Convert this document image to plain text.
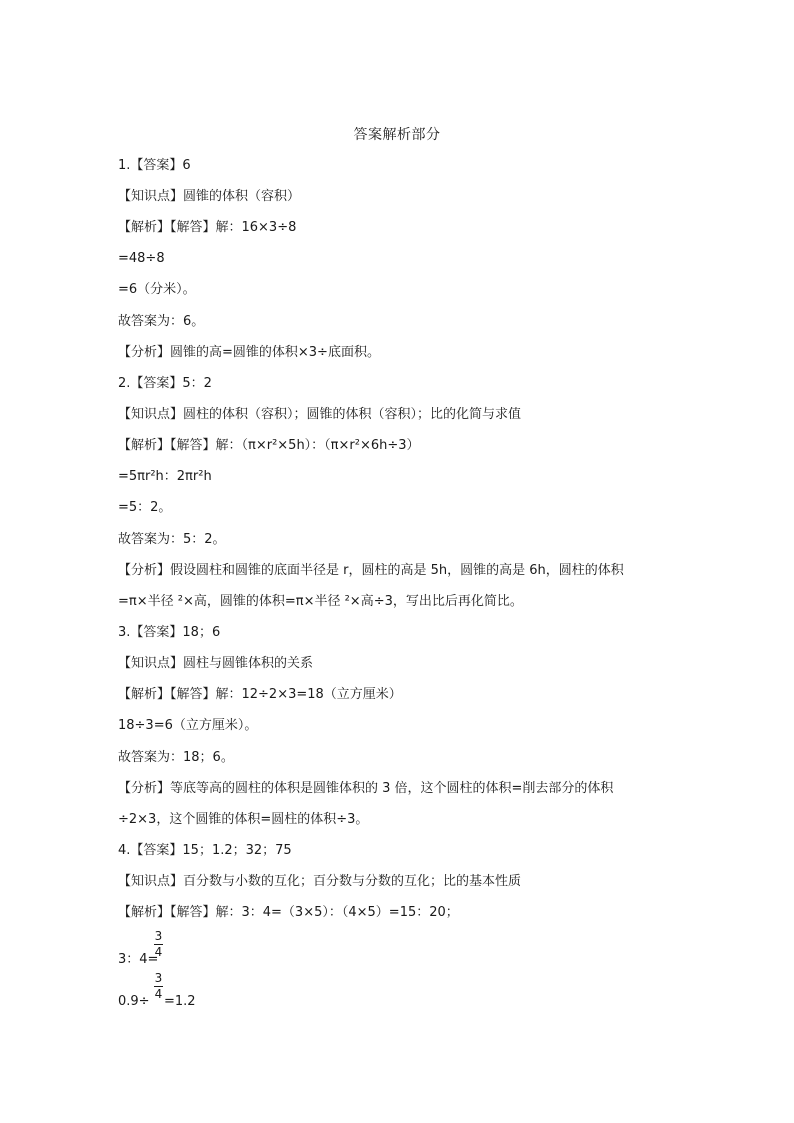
答案解析部分
1.【答案】6
【知识点】圆锥的体积（容积）
【解析】【解答】解：16×3÷8
=48÷8
=6（分米）。
故答案为：6。
【分析】圆锥的高=圆锥的体积×3÷底面积。
2.【答案】5：2
【知识点】圆柱的体积（容积）；圆锥的体积（容积）；比的化简与求值
【解析】【解答】解：（π×r²×5h）：（π×r²×6h÷3）
=5πr²h：2πr²h
=5：2。
故答案为：5：2。
【分析】假设圆柱和圆锥的底面半径是 r，圆柱的高是 5h，圆锥的高是 6h，圆柱的体积
=π×半径 ²×高，圆锥的体积=π×半径 ²×高÷3，写出比后再化简比。
3.【答案】18；6
【知识点】圆柱与圆锥体积的关系
【解析】【解答】解：12÷2×3=18（立方厘米）
18÷3=6（立方厘米）。
故答案为：18；6。
【分析】等底等高的圆柱的体积是圆锥体积的 3 倍，这个圆柱的体积=削去部分的体积
÷2×3，这个圆锥的体积=圆柱的体积÷3。
4.【答案】15；1.2；32；75
【知识点】百分数与小数的互化；百分数与分数的互化；比的基本性质
【解析】【解答】解：3：4=（3×5）：（4×5）=15：20；
3：4=
3
4
0.9÷
3
4 =1.2
